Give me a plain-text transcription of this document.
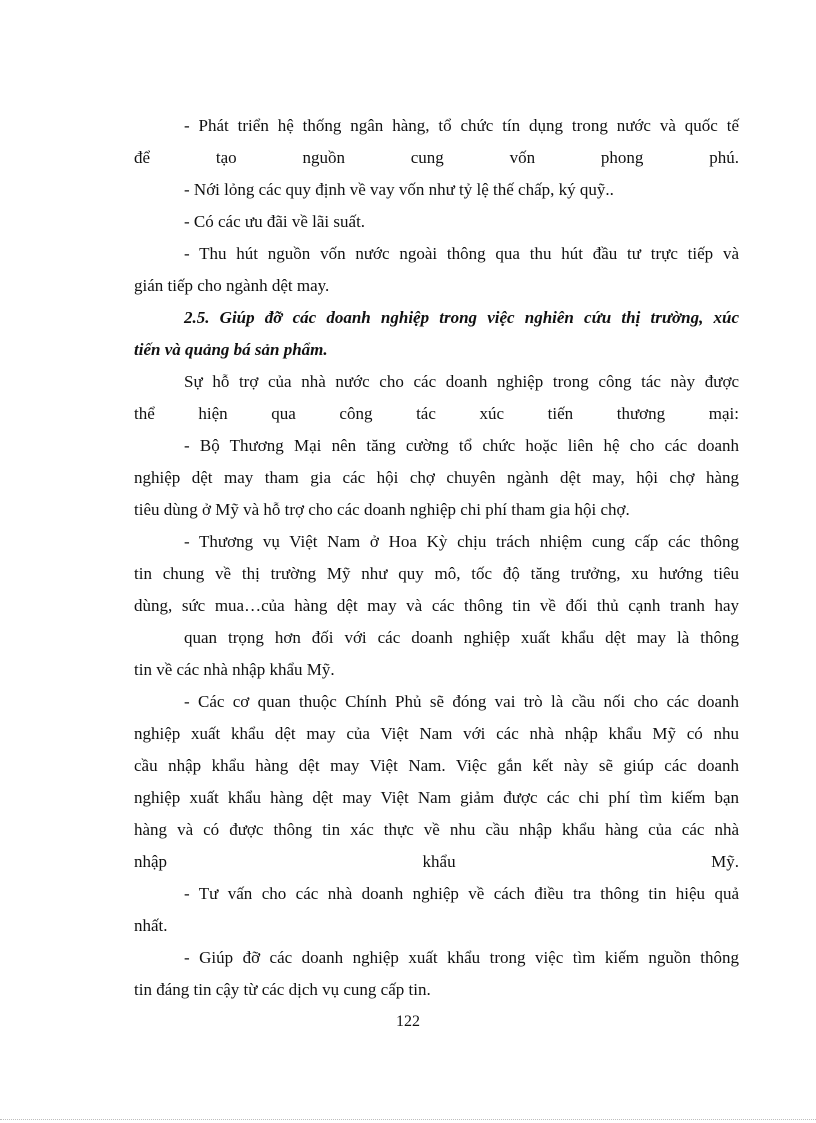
- Phát triển hệ thống ngân hàng, tổ chức tín dụng trong nước và quốc tế
để tạo nguồn cung vốn phong phú.
- Nới lỏng các quy định về vay vốn như tỷ lệ thế chấp, ký quỹ..
- Có các ưu đãi về lãi suất.
- Thu hút nguồn vốn nước ngoài thông qua thu hút đầu tư trực tiếp và
gián tiếp cho ngành dệt may.
2.5. Giúp đỡ các doanh nghiệp trong việc nghiên cứu thị trường, xúc
tiến và quảng bá sản phẩm.
Sự hỗ trợ của nhà nước cho các doanh nghiệp trong công tác này được
thể hiện qua công tác xúc tiến thương mại:
- Bộ Thương Mại nên tăng cường tổ chức hoặc liên hệ cho các doanh
nghiệp dệt may tham gia các hội chợ chuyên ngành dệt may, hội chợ hàng
tiêu dùng ở Mỹ và hỗ trợ cho các doanh nghiệp chi phí tham gia hội chợ.
- Thương vụ Việt Nam ở Hoa Kỳ chịu trách nhiệm cung cấp các thông
tin chung về thị trường Mỹ như quy mô, tốc độ tăng trưởng, xu hướng tiêu
dùng, sức mua…của hàng dệt may và các thông tin về đối thủ cạnh tranh hay
quan trọng hơn đối với các doanh nghiệp xuất khẩu dệt may là thông
tin về các nhà nhập khẩu Mỹ.
- Các cơ quan thuộc Chính Phủ sẽ đóng vai trò là cầu nối cho các doanh
nghiệp xuất khẩu dệt may của Việt Nam với các nhà nhập khẩu Mỹ có nhu
cầu nhập khẩu hàng dệt may Việt Nam. Việc gắn kết này sẽ giúp các doanh
nghiệp xuất khẩu hàng dệt may Việt Nam giảm được các chi phí tìm kiếm bạn
hàng và có được thông tin xác thực về nhu cầu nhập khẩu hàng của các nhà
nhập khẩu Mỹ.
- Tư vấn cho các nhà doanh nghiệp về cách điều tra thông tin hiệu quả
nhất.
- Giúp đỡ các doanh nghiệp xuất khẩu trong việc tìm kiếm nguồn thông
tin đáng tin cậy từ các dịch vụ cung cấp tin.
122
